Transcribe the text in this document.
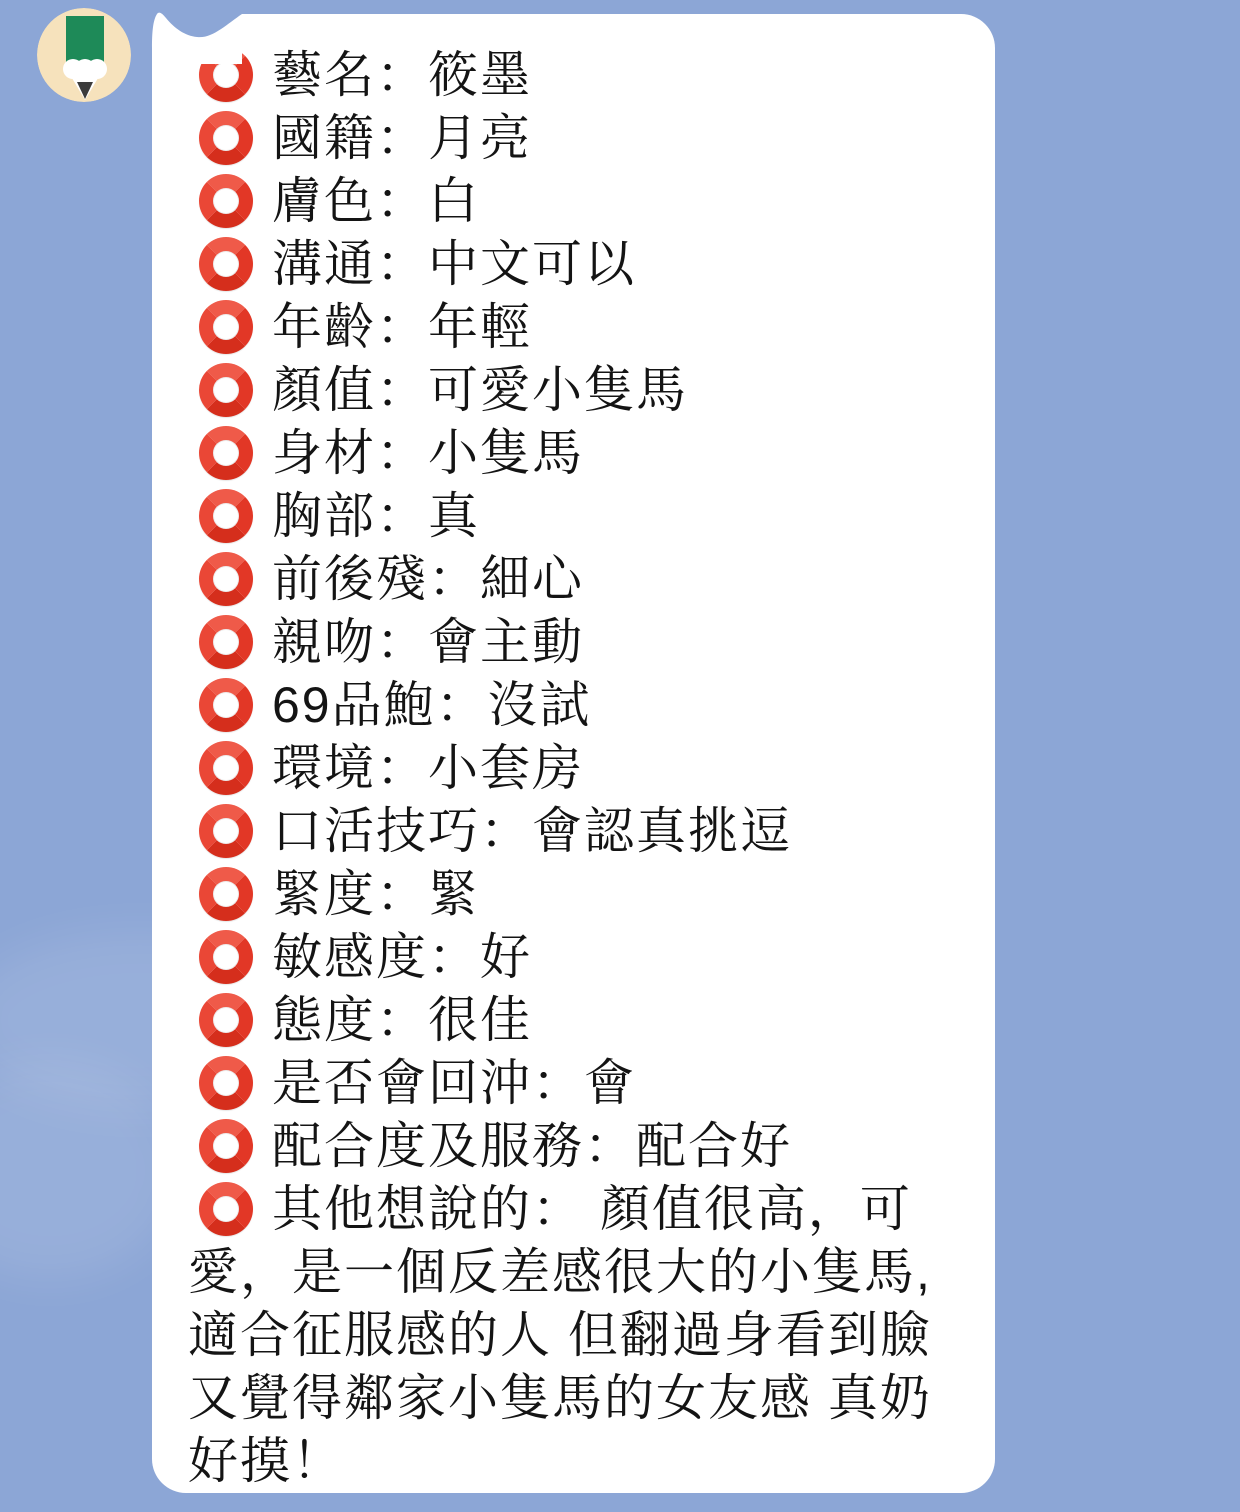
藝名：筱墨
國籍：月亮
膚色：白
溝通：中文可以
年齡：年輕
顏值：可愛小隻馬
身材：小隻馬
胸部：真
前後殘：細心
親吻：會主動
69品鮑：沒試
環境：小套房
口活技巧：會認真挑逗
緊度：緊
敏感度：好
態度：很佳
是否會回沖：會
配合度及服務：配合好
其他想說的： 顏值很高，可
愛，是一個反差感很大的小隻馬,
適合征服感的人 但翻過身看到臉
又覺得鄰家小隻馬的女友感 真奶
好摸！
